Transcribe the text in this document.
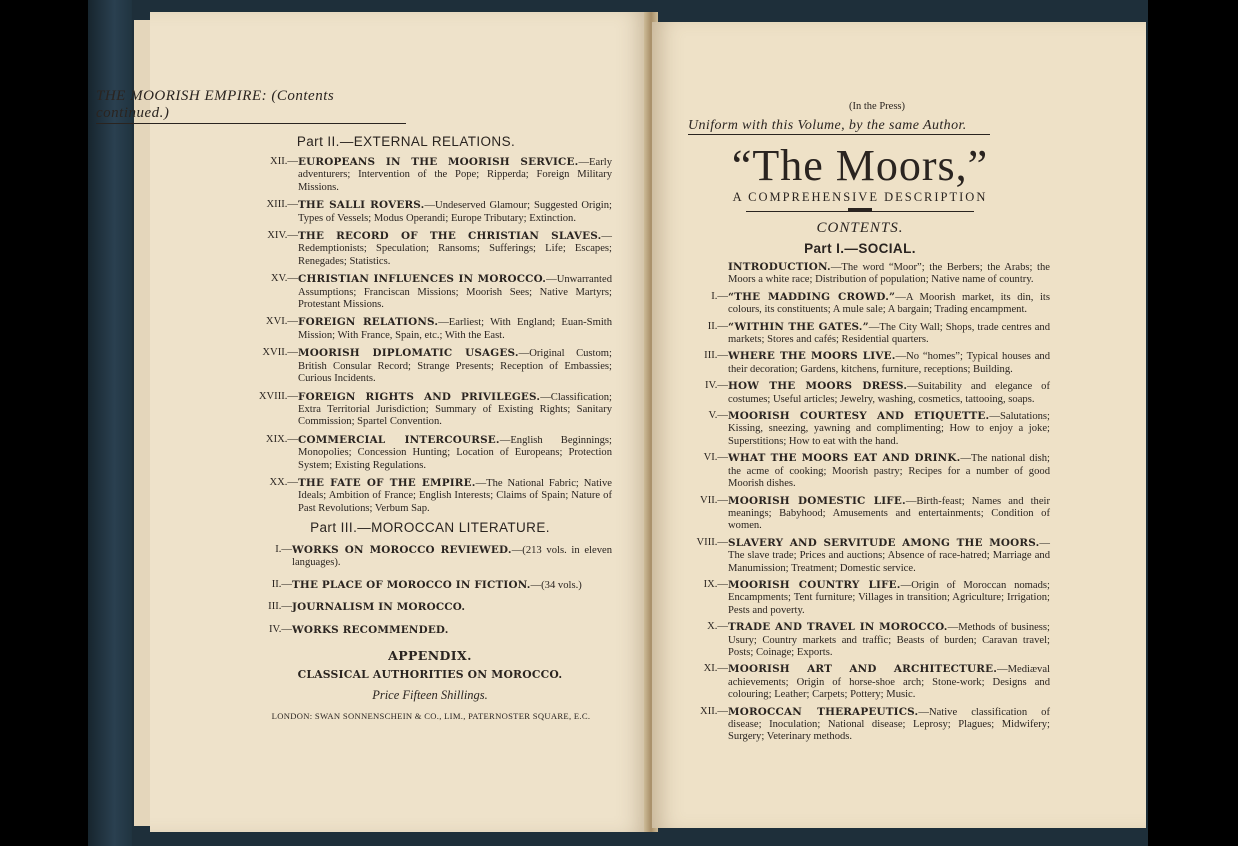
THE MOORISH EMPIRE: (Contents continued.)
Part II.—EXTERNAL RELATIONS.
XII.— EUROPEANS IN THE MOORISH SERVICE.—Early adventurers; Intervention of the Pope; Ripperda; Foreign Military Missions.
XIII.— THE SALLI ROVERS.—Undeserved Glamour; Suggested Origin; Types of Vessels; Modus Operandi; Europe Tributary; Extinction.
XIV.— THE RECORD OF THE CHRISTIAN SLAVES.—Redemptionists; Speculation; Ransoms; Sufferings; Life; Escapes; Renegades; Statistics.
XV.— CHRISTIAN INFLUENCES IN MOROCCO.—Unwarranted Assumptions; Franciscan Missions; Moorish Sees; Native Martyrs; Protestant Missions.
XVI.— FOREIGN RELATIONS.—Earliest; With England; Euan-Smith Mission; With France, Spain, etc.; With the East.
XVII.— MOORISH DIPLOMATIC USAGES.—Original Custom; British Consular Record; Strange Presents; Reception of Embassies; Curious Incidents.
XVIII.— FOREIGN RIGHTS AND PRIVILEGES.—Classification; Extra Territorial Jurisdiction; Summary of Existing Rights; Sanitary Commission; Spartel Convention.
XIX.— COMMERCIAL INTERCOURSE.—English Beginnings; Monopolies; Concession Hunting; Location of Europeans; Protection System; Existing Regulations.
XX.— THE FATE OF THE EMPIRE.—The National Fabric; Native Ideals; Ambition of France; English Interests; Claims of Spain; Nature of Past Revolutions; Verbum Sap.
Part III.—MOROCCAN LITERATURE.
I.— WORKS ON MOROCCO REVIEWED.—(213 vols. in eleven languages).
II.— THE PLACE OF MOROCCO IN FICTION.—(34 vols.)
III.— JOURNALISM IN MOROCCO.
IV.— WORKS RECOMMENDED.
APPENDIX.
CLASSICAL AUTHORITIES ON MOROCCO.
Price Fifteen Shillings.
LONDON: SWAN SONNENSCHEIN & CO., LIM., PATERNOSTER SQUARE, E.C.
(In the Press)
Uniform with this Volume, by the same Author.
“The Moors,”
A COMPREHENSIVE DESCRIPTION
CONTENTS.
Part I.—SOCIAL.
INTRODUCTION.—The word “Moor”; the Berbers; the Arabs; the Moors a white race; Distribution of population; Native name of country.
I.— “THE MADDING CROWD.”—A Moorish market, its din, its colours, its constituents; A mule sale; A bargain; Trading encampment.
II.— “WITHIN THE GATES.”—The City Wall; Shops, trade centres and markets; Stores and cafés; Residential quarters.
III.— WHERE THE MOORS LIVE.—No “homes”; Typical houses and their decoration; Gardens, kitchens, furniture, receptions; Building.
IV.— HOW THE MOORS DRESS.—Suitability and elegance of costumes; Useful articles; Jewelry, washing, cosmetics, tattooing, soaps.
V.— MOORISH COURTESY AND ETIQUETTE.—Salutations; Kissing, sneezing, yawning and complimenting; How to enjoy a joke; Superstitions; How to eat with the hand.
VI.— WHAT THE MOORS EAT AND DRINK.—The national dish; the acme of cooking; Moorish pastry; Recipes for a number of good Moorish dishes.
VII.— MOORISH DOMESTIC LIFE.—Birth-feast; Names and their meanings; Babyhood; Amusements and entertainments; Condition of women.
VIII.— SLAVERY AND SERVITUDE AMONG THE MOORS.—The slave trade; Prices and auctions; Absence of race-hatred; Marriage and Manumission; Treatment; Domestic service.
IX.— MOORISH COUNTRY LIFE.—Origin of Moroccan nomads; Encampments; Tent furniture; Villages in transition; Agriculture; Irrigation; Pests and poverty.
X.— TRADE AND TRAVEL IN MOROCCO.—Methods of business; Usury; Country markets and traffic; Beasts of burden; Caravan travel; Posts; Coinage; Exports.
XI.— MOORISH ART AND ARCHITECTURE.—Mediæval achievements; Origin of horse-shoe arch; Stone-work; Designs and colouring; Leather; Carpets; Pottery; Music.
XII.— MOROCCAN THERAPEUTICS.—Native classification of disease; Inoculation; National disease; Leprosy; Plagues; Midwifery; Surgery; Veterinary methods.
